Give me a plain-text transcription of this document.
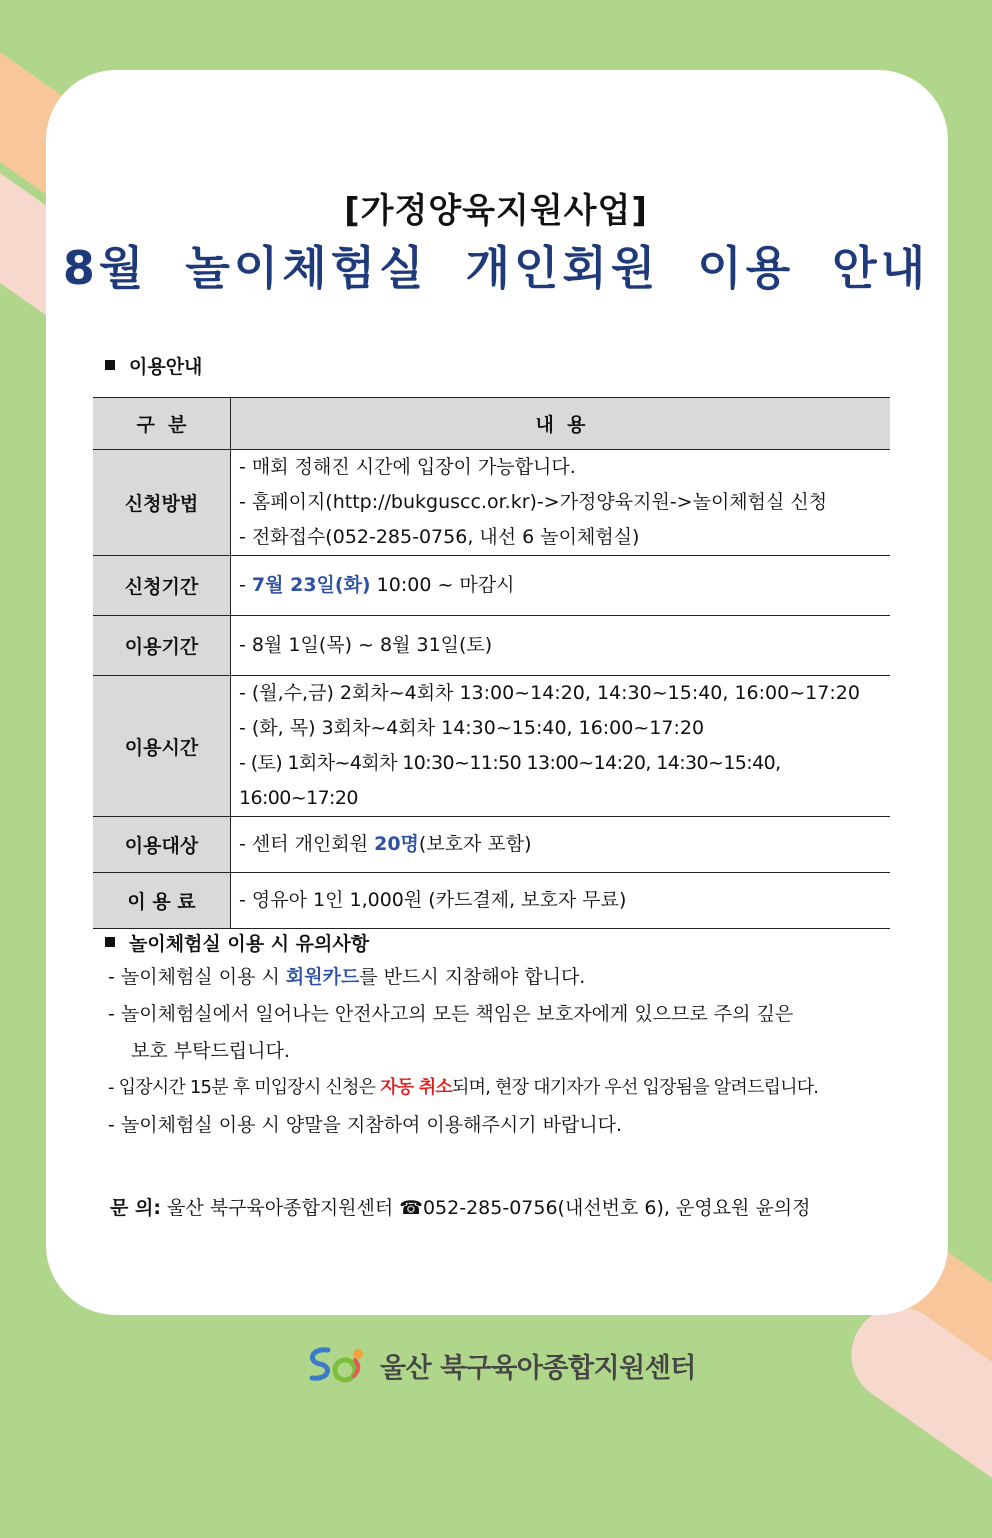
[가정양육지원사업]
8월 놀이체험실 개인회원 이용 안내
이용안내
구  분	내  용
신청방법	- 매회 정해진 시간에 입장이 가능합니다.
- 홈페이지(http://bukguscc.or.kr)->가정양육지원->놀이체험실 신청
- 전화접수(052-285-0756, 내선 6 놀이체험실)

신청기간	- 7월 23일(화) 10:00 ~ 마감시
이용기간	- 8월 1일(목) ~ 8월 31일(토)
이용시간	- (월,수,금) 2회차~4회차 13:00~14:20, 14:30~15:40, 16:00~17:20
- (화, 목) 3회차~4회차 14:30~15:40, 16:00~17:20
- (토) 1회차~4회차 10:30~11:50 13:00~14:20, 14:30~15:40, 16:00~17:20

이용대상	- 센터 개인회원 20명(보호자 포함)
이 용 료	- 영유아 1인 1,000원 (카드결제, 보호자 무료)
놀이체험실 이용 시 유의사항

- 놀이체험실 이용 시 회원카드를 반드시 지참해야 합니다.

- 놀이체험실에서 일어나는 안전사고의 모든 책임은 보호자에게 있으므로 주의 깊은

보호 부탁드립니다.

- 입장시간 15분 후 미입장시 신청은 자동 취소되며, 현장 대기자가 우선 입장됨을 알려드립니다.

- 놀이체험실 이용 시 양말을 지참하여 이용해주시기 바랍니다.

문 의: 울산 북구육아종합지원센터 ☎052-285-0756(내선번호 6), 운영요원 윤의정
울산 북구육아종합지원센터
